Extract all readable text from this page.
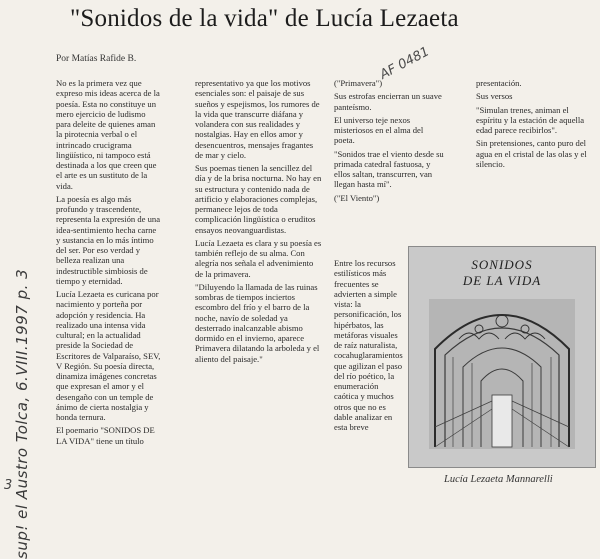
"Sonidos de la vida" de Lucía Lezaeta
Por Matías Rafide B.	AF 0481

No es la primera vez que expreso mis ideas acerca de la poesía. Esta no constituye un mero ejercicio de ludismo para deleite de quienes aman la pirotecnia verbal o el intrincado crucigrama lingüístico, ni tampoco está destinada a los que creen que el arte es un sustituto de la vida.

La poesía es algo más profundo y trascendente, representa la expresión de una idea-sentimiento hecha carne y sustancia en lo más íntimo del ser. Por eso verdad y belleza realizan una indestructible simbiosis de tiempo y eternidad.

Lucía Lezaeta es curicana por nacimiento y porteña por adopción y residencia. Ha realizado una intensa vida cultural; en la actualidad preside la Sociedad de Escritores de Valparaíso, SEV, V Región. Su poesía directa, dinamiza imágenes concretas que expresan el amor y el desengaño con un temple de ánimo de cierta nostalgia y honda ternura.

El poemario "SONIDOS DE LA VIDA" tiene un título

representativo ya que los motivos esenciales son: el paisaje de sus sueños y espejismos, los rumores de la vida que transcurre diáfana y volandera con sus realidades y nostalgias. Hay en ellos amor y desencuentros, mensajes fragantes de mar y cielo.

Sus poemas tienen la sencillez del día y de la brisa nocturna. No hay en su estructura y contenido nada de artificio y elaboraciones complejas, permanece lejos de toda complicación lingüística o eruditos ensayos neovanguardistas.

Lucía Lezaeta es clara y su poesía es también reflejo de su alma. Con alegría nos señala el advenimiento de la primavera.

"Diluyendo la llamada de las ruinas sombras de tiempos inciertos escombro del frío y el barro de la noche, navío de soledad ya desterrado inalcanzable abismo dormido en el invierno, aparece Primavera dilatando la arboleda y el aliento del paisaje."

("Primavera")

Sus estrofas encierran un suave panteísmo.

El universo teje nexos misteriosos en el alma del poeta.

"Sonidos trae el viento desde su primada catedral fastuosa, y ellos saltan, transcurren, van llegan hasta mí".

("El Viento")

Entre los recursos estilísticos más frecuentes se advierten a simple vista: la personificación, los hipérbatos, las metáforas visuales de raíz naturalista, cocahuglaramientos que agilizan el paso del río poético, la enumeración caótica y muchos otros que no es dable analizar en esta breve

presentación.

Sus versos

"Simulan trenes, animan el espíritu y la estación de aquella edad parece recibirlos".

Sin pretensiones, canto puro del agua en el cristal de las olas y el silencio.

SONIDOS
DE LA VIDA
Lucía Lezaeta Mannarelli
sup! el Austro Tolca, 6.VIII.1997 p. 3
3
